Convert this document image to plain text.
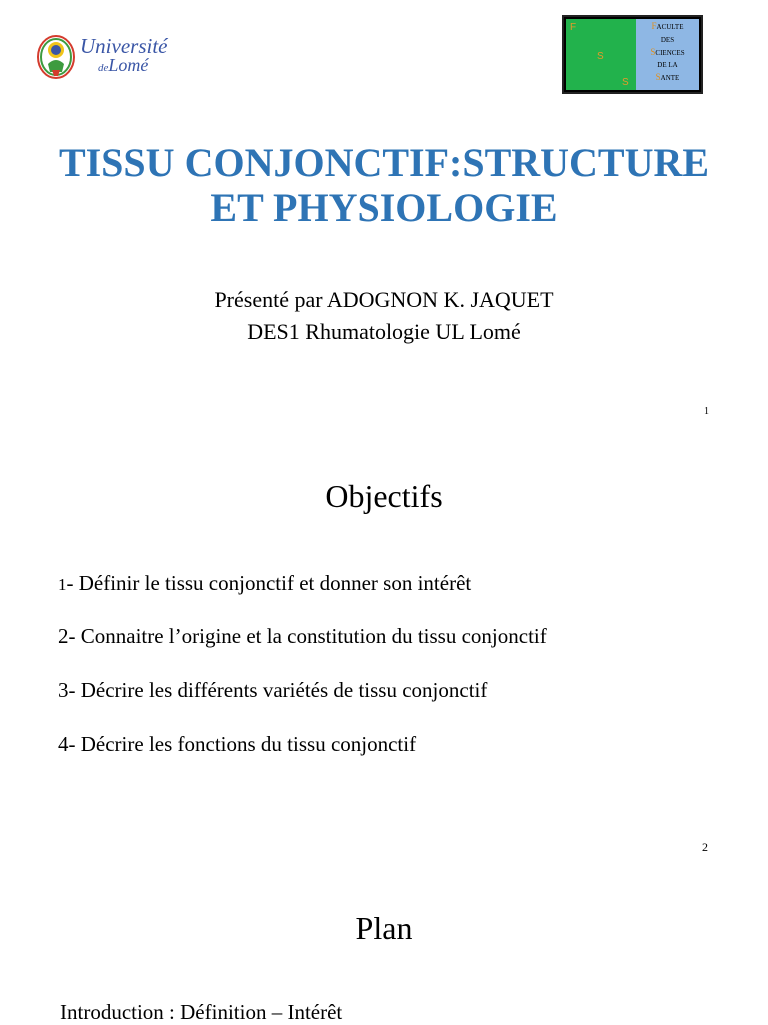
Université
deLomé
F
S
S
FACULTE
DES
SCIENCES
DE LA
SANTE
TISSU CONJONCTIF:STRUCTURE
ET PHYSIOLOGIE
Présenté par ADOGNON K. JAQUET
DES1 Rhumatologie UL Lomé
1
Objectifs
1- Définir le tissu conjonctif et donner son intérêt
2- Connaitre l’origine et la constitution du tissu conjonctif
3- Décrire les différents variétés de tissu conjonctif
4- Décrire les fonctions du tissu conjonctif
2
Plan
Introduction : Définition – Intérêt
